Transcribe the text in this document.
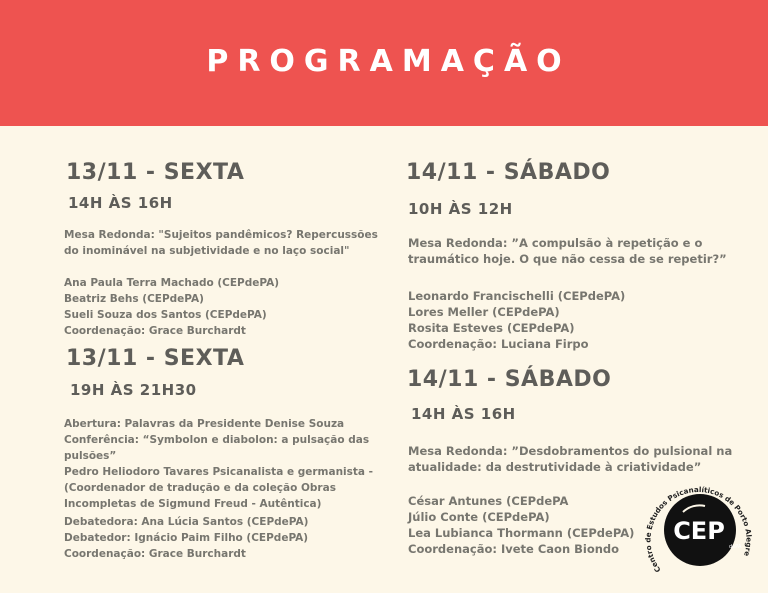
PROGRAMAÇÃO
13/11 - SEXTA
14H ÀS 16H
Mesa Redonda: "Sujeitos pandêmicos? Repercussões
do inominável na subjetividade e no laço social"
Ana Paula Terra Machado (CEPdePA)
Beatriz Behs (CEPdePA)
Sueli Souza dos Santos (CEPdePA)
Coordenação: Grace Burchardt
13/11 - SEXTA
19H ÀS 21H30
Abertura: Palavras da Presidente Denise Souza
Conferência: “Symbolon e diabolon: a pulsação das
pulsões”
Pedro Heliodoro Tavares Psicanalista e germanista -
(Coordenador de tradução e da coleção Obras
Incompletas de Sigmund Freud - Autêntica)
Debatedora: Ana Lúcia Santos (CEPdePA)
Debatedor: Ignácio Paim Filho (CEPdePA)
Coordenação: Grace Burchardt
14/11 - SÁBADO
10H ÀS 12H
Mesa Redonda: ”A compulsão à repetição e o
traumático hoje. O que não cessa de se repetir?”
Leonardo Francischelli (CEPdePA)
Lores Meller (CEPdePA)
Rosita Esteves (CEPdePA)
Coordenação: Luciana Firpo
14/11 - SÁBADO
14H ÀS 16H
Mesa Redonda: ”Desdobramentos do pulsional na
atualidade: da destrutividade à criatividade”
César Antunes (CEPdePA
Júlio Conte (CEPdePA)
Lea Lubianca Thormann (CEPdePA)
Coordenação: Ivete Caon Biondo
Centro de Estudos Psicanalíticos de Porto Alegre
CEP
dePA
